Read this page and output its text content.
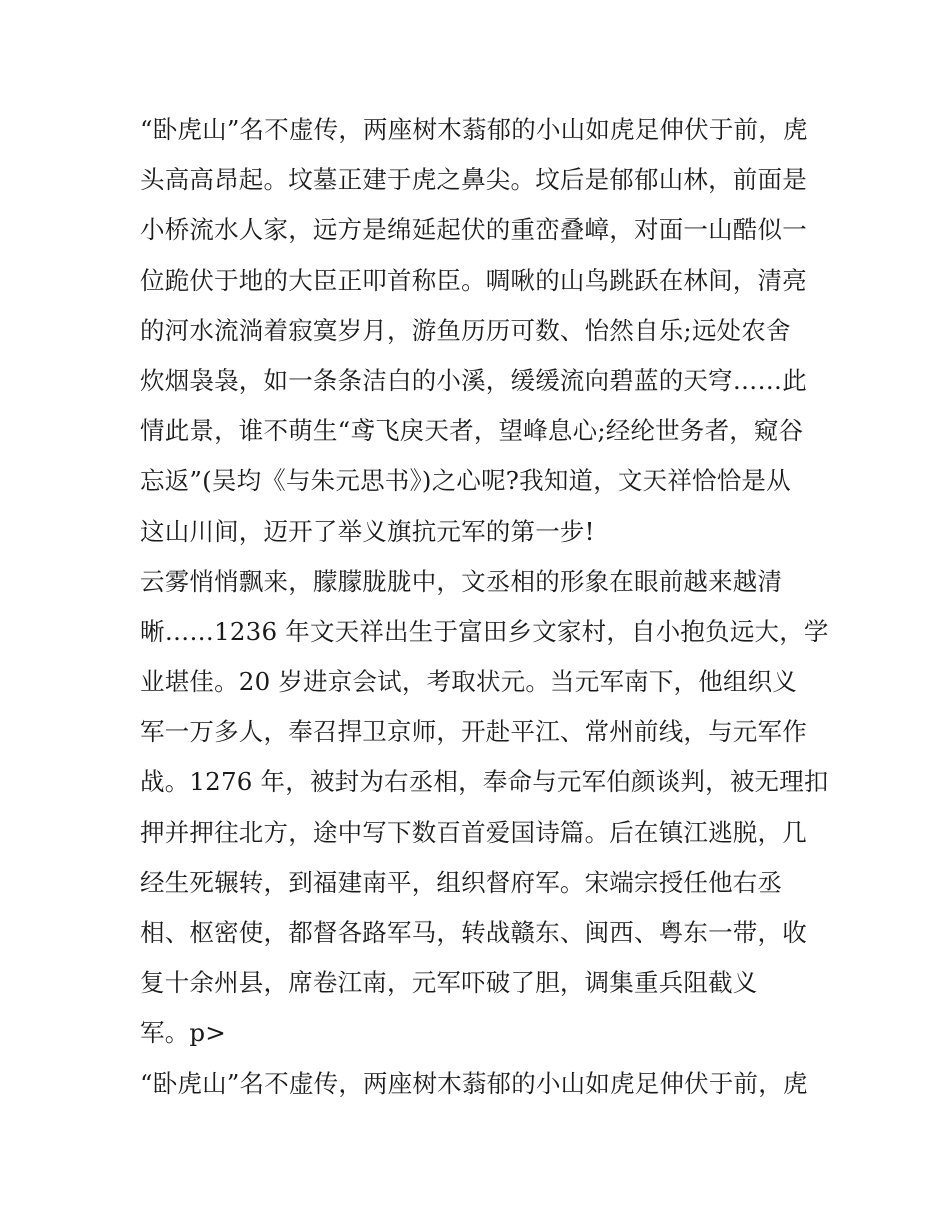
“卧虎山”名不虚传，两座树木蓊郁的小山如虎足伸伏于前，虎
头高高昂起。坟墓正建于虎之鼻尖。坟后是郁郁山林，前面是
小桥流水人家，远方是绵延起伏的重峦叠嶂，对面一山酷似一
位跪伏于地的大臣正叩首称臣。啁啾的山鸟跳跃在林间，清亮
的河水流淌着寂寞岁月，游鱼历历可数、怡然自乐;远处农舍
炊烟袅袅，如一条条洁白的小溪，缓缓流向碧蓝的天穹……此
情此景，谁不萌生“鸢飞戾天者，望峰息心;经纶世务者，窥谷
忘返”(吴均《与朱元思书》)之心呢?我知道，文天祥恰恰是从
这山川间，迈开了举义旗抗元军的第一步!
云雾悄悄飘来，朦朦胧胧中，文丞相的形象在眼前越来越清
晰……1236 年文天祥出生于富田乡文家村，自小抱负远大，学
业堪佳。20 岁进京会试，考取状元。当元军南下，他组织义
军一万多人，奉召捍卫京师，开赴平江、常州前线，与元军作
战。1276 年，被封为右丞相，奉命与元军伯颜谈判，被无理扣
押并押往北方，途中写下数百首爱国诗篇。后在镇江逃脱，几
经生死辗转，到福建南平，组织督府军。宋端宗授任他右丞
相、枢密使，都督各路军马，转战赣东、闽西、粤东一带，收
复十余州县，席卷江南，元军吓破了胆，调集重兵阻截义
军。p>
“卧虎山”名不虚传，两座树木蓊郁的小山如虎足伸伏于前，虎
